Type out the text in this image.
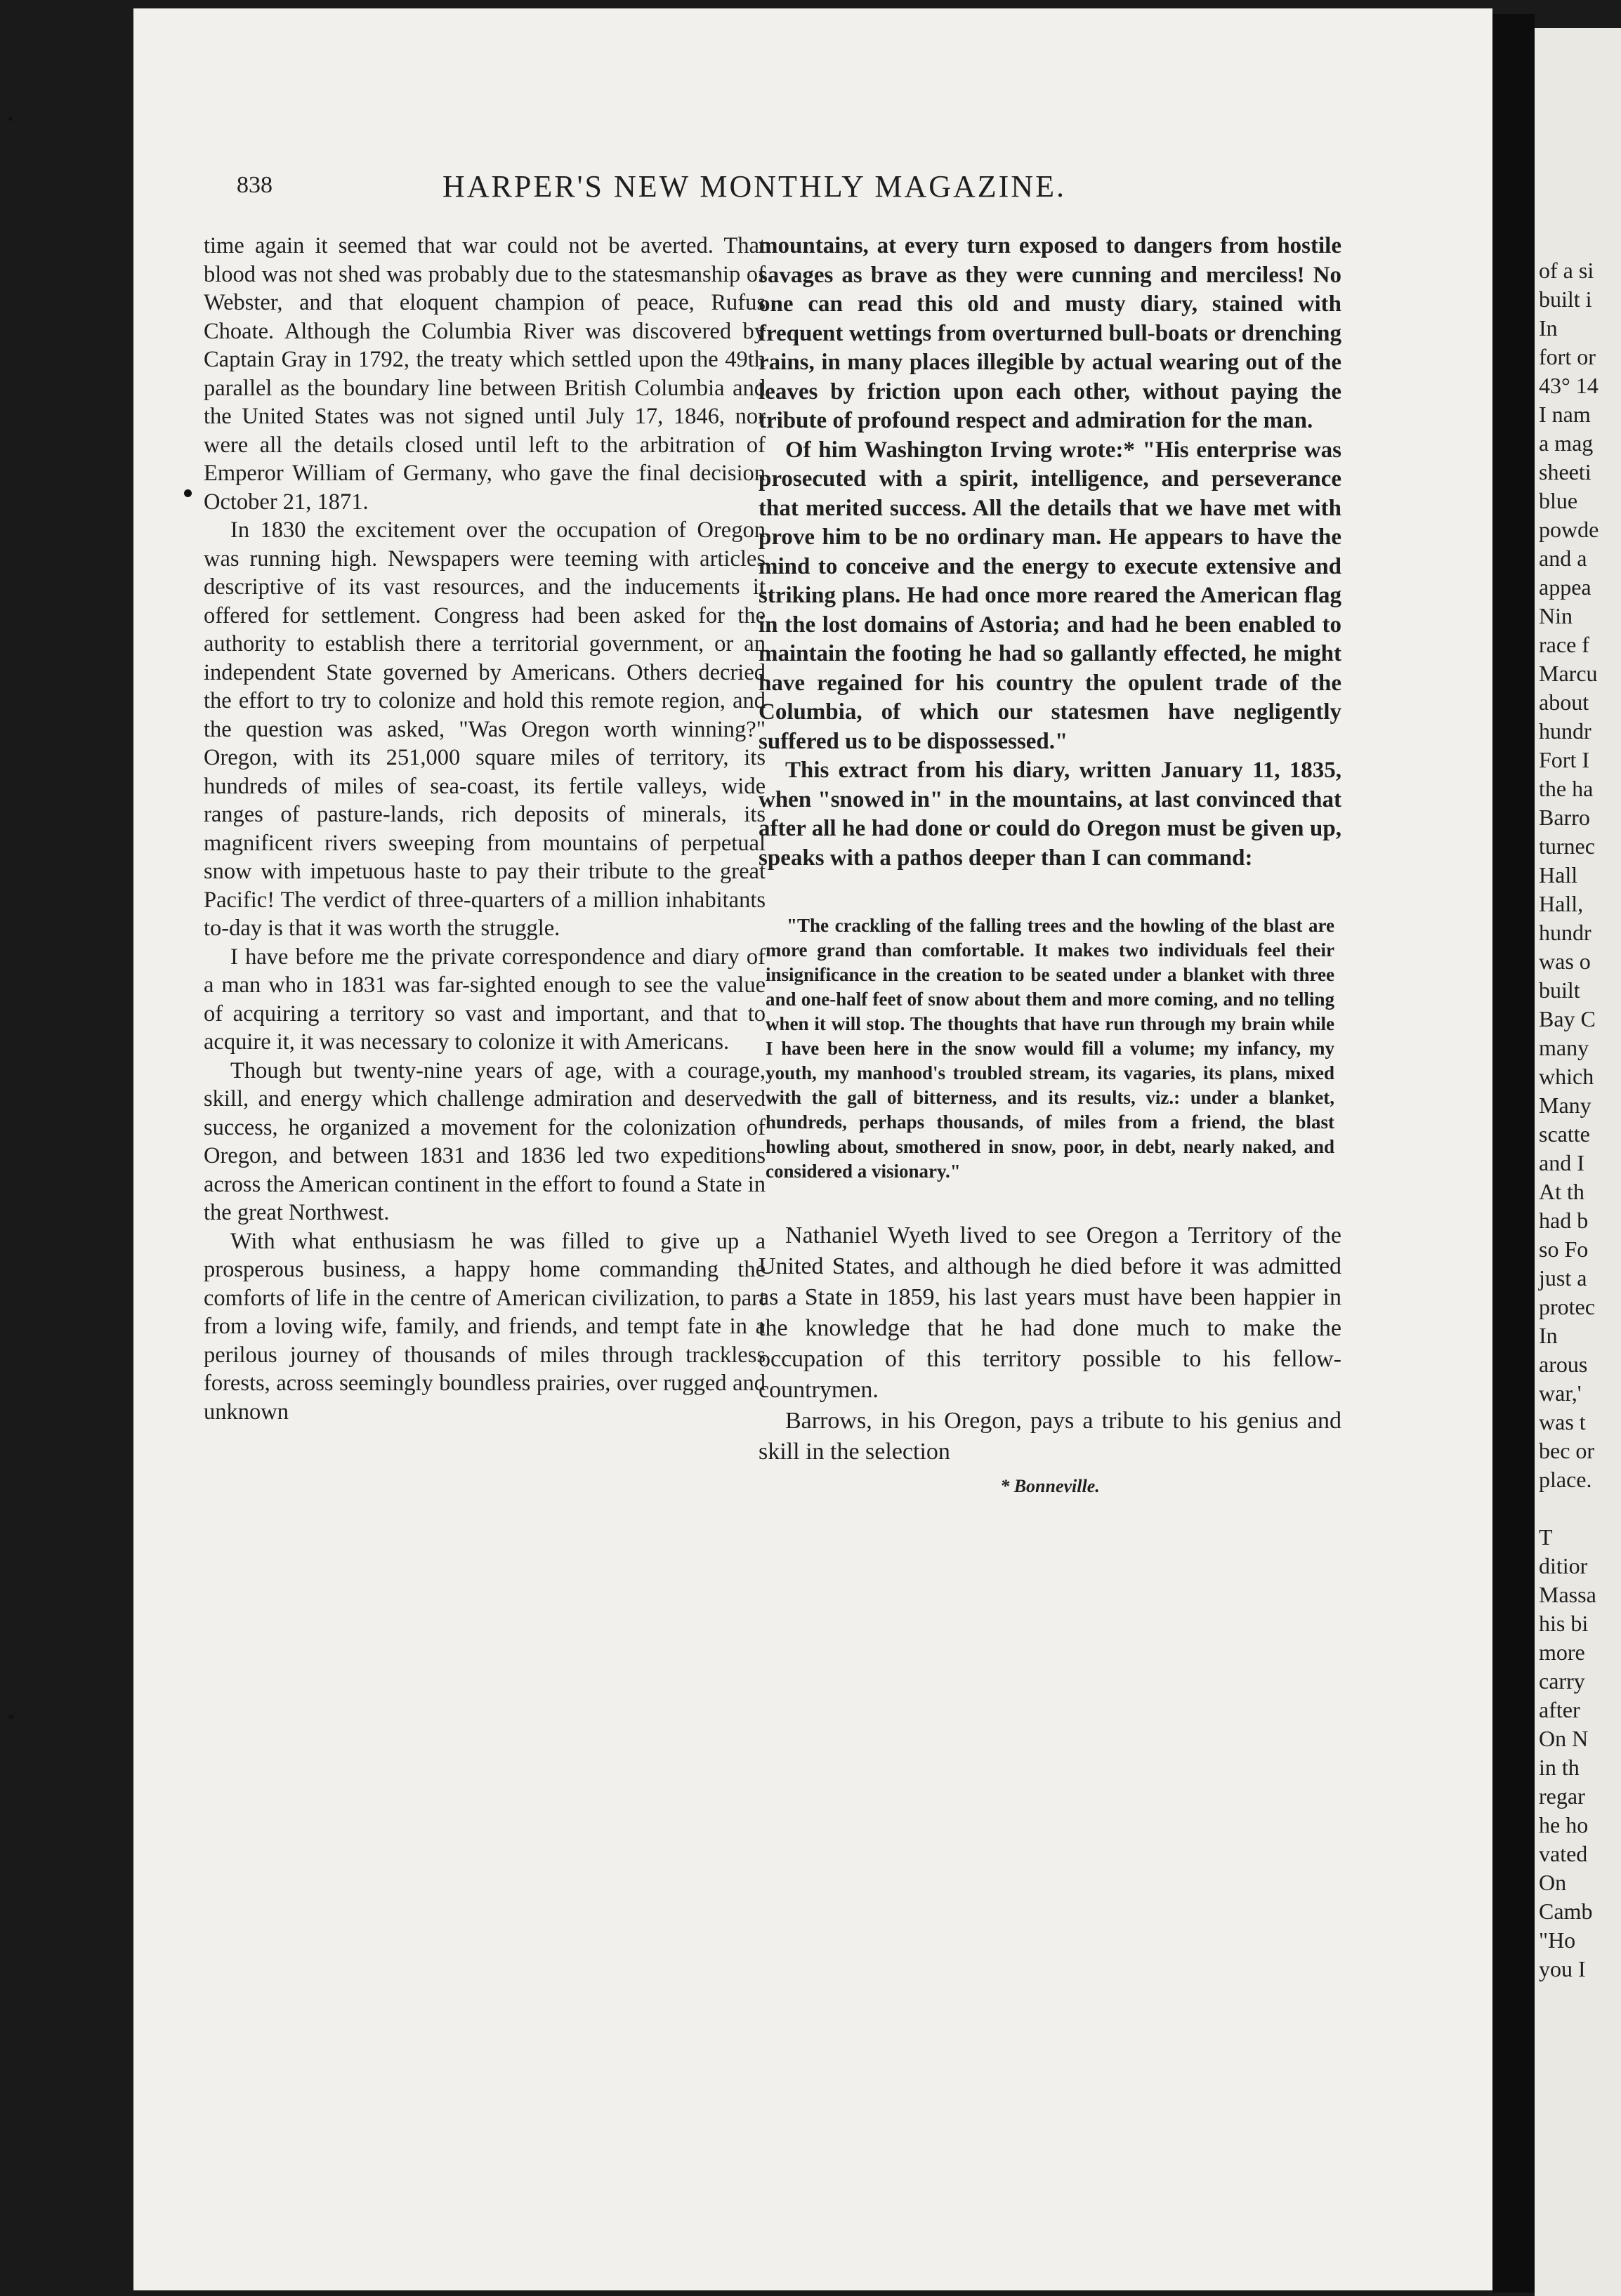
838	HARPER'S NEW MONTHLY MAGAZINE.

time again it seemed that war could not be averted. That blood was not shed was probably due to the statesmanship of Webster, and that eloquent champion of peace, Rufus Choate. Although the Columbia River was discovered by Captain Gray in 1792, the treaty which settled upon the 49th parallel as the boundary line between British Columbia and the United States was not signed until July 17, 1846, nor were all the details closed until left to the arbitration of Emperor William of Germany, who gave the final decision October 21, 1871.

In 1830 the excitement over the occupation of Oregon was running high. Newspapers were teeming with articles descriptive of its vast resources, and the inducements it offered for settlement. Congress had been asked for the authority to establish there a territorial government, or an independent State governed by Americans. Others decried the effort to try to colonize and hold this remote region, and the question was asked, "Was Oregon worth winning?" Oregon, with its 251,000 square miles of territory, its hundreds of miles of sea-coast, its fertile valleys, wide ranges of pasture-lands, rich deposits of minerals, its magnificent rivers sweeping from mountains of perpetual snow with impetuous haste to pay their tribute to the great Pacific! The verdict of three-quarters of a million inhabitants to-day is that it was worth the struggle.

I have before me the private correspondence and diary of a man who in 1831 was far-sighted enough to see the value of acquiring a territory so vast and important, and that to acquire it, it was necessary to colonize it with Americans.

Though but twenty-nine years of age, with a courage, skill, and energy which challenge admiration and deserved success, he organized a movement for the colonization of Oregon, and between 1831 and 1836 led two expeditions across the American continent in the effort to found a State in the great Northwest.

With what enthusiasm he was filled to give up a prosperous business, a happy home commanding the comforts of life in the centre of American civilization, to part from a loving wife, family, and friends, and tempt fate in a perilous journey of thousands of miles through trackless forests, across seemingly boundless prairies, over rugged and unknown

mountains, at every turn exposed to dangers from hostile savages as brave as they were cunning and merciless! No one can read this old and musty diary, stained with frequent wettings from overturned bull-boats or drenching rains, in many places illegible by actual wearing out of the leaves by friction upon each other, without paying the tribute of profound respect and admiration for the man.

Of him Washington Irving wrote:* "His enterprise was prosecuted with a spirit, intelligence, and perseverance that merited success. All the details that we have met with prove him to be no ordinary man. He appears to have the mind to conceive and the energy to execute extensive and striking plans. He had once more reared the American flag in the lost domains of Astoria; and had he been enabled to maintain the footing he had so gallantly effected, he might have regained for his country the opulent trade of the Columbia, of which our statesmen have negligently suffered us to be dispossessed."

This extract from his diary, written January 11, 1835, when "snowed in" in the mountains, at last convinced that after all he had done or could do Oregon must be given up, speaks with a pathos deeper than I can command:

"The crackling of the falling trees and the howling of the blast are more grand than comfortable. It makes two individuals feel their insignificance in the creation to be seated under a blanket with three and one-half feet of snow about them and more coming, and no telling when it will stop. The thoughts that have run through my brain while I have been here in the snow would fill a volume; my infancy, my youth, my manhood's troubled stream, its vagaries, its plans, mixed with the gall of bitterness, and its results, viz.: under a blanket, hundreds, perhaps thousands, of miles from a friend, the blast howling about, smothered in snow, poor, in debt, nearly naked, and considered a visionary."

Nathaniel Wyeth lived to see Oregon a Territory of the United States, and although he died before it was admitted as a State in 1859, his last years must have been happier in the knowledge that he had done much to make the occupation of this territory possible to his fellow-countrymen.

Barrows, in his Oregon, pays a tribute to his genius and skill in the selection

* Bonneville.
of a si
built i
In
fort or
43° 14
I nam
a mag
sheeti
blue
powde
and a
appea
Nin
race f
Marcu
about
hundr
Fort I
the ha
Barro
turnec
Hall
Hall,
hundr
was o
built
Bay C
many
which
Many
scatte
and I
At th
had b
so Fo
just a
protec
In
arous
war,'
was t
bec or
place.
T
ditior
Massa
his bi
more
carry
after
On N
in th
regar
he ho
vated
On
Camb
"Ho
you I
